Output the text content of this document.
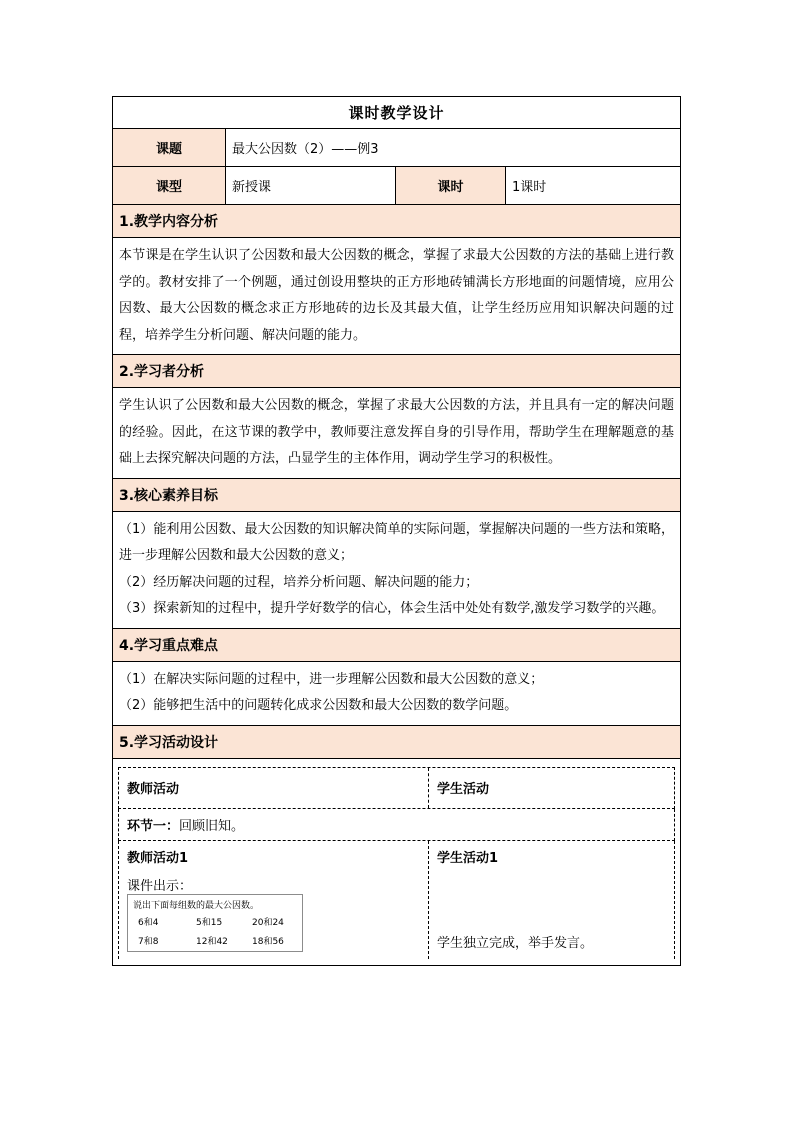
课时教学设计
课题	最大公因数（2）——例3
课型	新授课	课时	1课时
1.教学内容分析

本节课是在学生认识了公因数和最大公因数的概念，掌握了求最大公因数的方法的基础上进行教学的。教材安排了一个例题，通过创设用整块的正方形地砖铺满长方形地面的问题情境，应用公因数、最大公因数的概念求正方形地砖的边长及其最大值，让学生经历应用知识解决问题的过程，培养学生分析问题、解决问题的能力。

2.学习者分析

学生认识了公因数和最大公因数的概念，掌握了求最大公因数的方法，并且具有一定的解决问题的经验。因此，在这节课的教学中，教师要注意发挥自身的引导作用，帮助学生在理解题意的基础上去探究解决问题的方法，凸显学生的主体作用，调动学生学习的积极性。

3.核心素养目标

（1）能利用公因数、最大公因数的知识解决简单的实际问题，掌握解决问题的一些方法和策略，进一步理解公因数和最大公因数的意义；

（2）经历解决问题的过程，培养分析问题、解决问题的能力；

（3）探索新知的过程中，提升学好数学的信心，体会生活中处处有数学,激发学习数学的兴趣。

4.学习重点难点

（1）在解决实际问题的过程中，进一步理解公因数和最大公因数的意义；

（2）能够把生活中的问题转化成求公因数和最大公因数的数学问题。

5.学习活动设计
教师活动	学生活动
环节一： 回顾旧知。
教师活动1
课件出示：
说出下面每组数的最大公因数。
6和4	5和15	20和24
7和8	12和42	18和56
学生活动1
学生独立完成，举手发言。
